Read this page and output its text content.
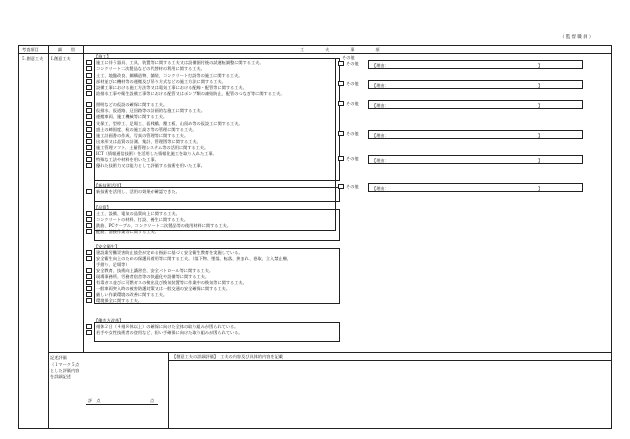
（ 監 督 職 員 ）
考査項目	細　　別	工　　　　　夫　　　　　事　　　　　項
５.創意工夫	Ⅰ.創意工夫
記述評価
（１マーク５点とした評価内容を詳細記述
評　点	点
【創意工夫の詳細評価】　工夫の内容及び具体的内容を記載
【施工】
施工に伴う器具、工具、装置等に関する工夫又は設備据付後の試運転調整に関する工夫。
コンクリート二次製品などの代替材の利用に関する工夫。
土工、地盤改良、鋼構造物、舗装、コンクリート打設等の施工に関する工夫。
部材並びに機材等の運搬及び吊り方式などの施工方法に関する工夫。
設備工事における施工方法等又は電気工事における配線・配管等に関する工夫。
給排水工事や衛生設備工事等における配管又はポンプ類の凍結防止、配管のつなぎ等に関する工夫。
照明などの仮設の確保に関する工夫。
仮排水、仮道路、迂回路等の計画的な施工に関する工夫。
運搬車両、施工機械等に関する工夫。
支保工、型枠工、足場工、仮桟橋、覆工板、山留め等の仮設工に関する工夫。
盛土の締固度、杭の施工高さ等の管理に関する工夫。
施工計画書の作成、写真の管理等に関する工夫。
出来形又は品質の計測、集計、管理図等に関する工夫。
施工管理ソフト、土量管理システム等の活用に関する工夫。
ICT（情報通信技術）を活用した情報化施工を取り入れた工事。
特殊な工法や材料を用いた工事。
優れた技術力又は能力として評価する技術を用いた工事。
【新技術活用】
新技術を活用し、活用の効果が確認できた。
【品質】
土工、設備、電気の品質向上に関する工夫。
コンクリートの材料、打設、養生に関する工夫。
鉄筋、PCケーブル、コンクリート二次製品等の使用材料に関する工夫。
配筋、溶接作業等に関する工夫。
【安全衛生】
建設業労働災害防止協会が定める指針に基づく安全衛生教育を実施している。
安全衛生向上のための保護具着用等に関する工夫。（落下物、墜落、転落、挟まれ、巻取、立入禁止柵、
手摺り、足場等）
安全教育、技術向上講習会、安全パトロール等に関する工夫。
現場事務所、労務者宿舎等の快適化や設備等に関する工夫。
有毒ガス並びに可燃ガスの検出及び換気装置等に作業中の換気等に関する工夫。
一般車両突入時の被害防護対策又は一般交通の安全確保に関する工夫。
厳しい作業環境の改善に関する工夫。
環境保全に関する工夫。
【働き方改革】
週休２日（４週８休以上）の確保に向けた全体の取り組みが図られている。
若手や女性技術者の登用など、担い手確保に向けた取り組みが図られている。
その他
その他	【理由：	】
その他	【理由：	】
その他	【理由：	】
その他	【理由：	】
その他	【理由：	】
その他	【理由：	】
